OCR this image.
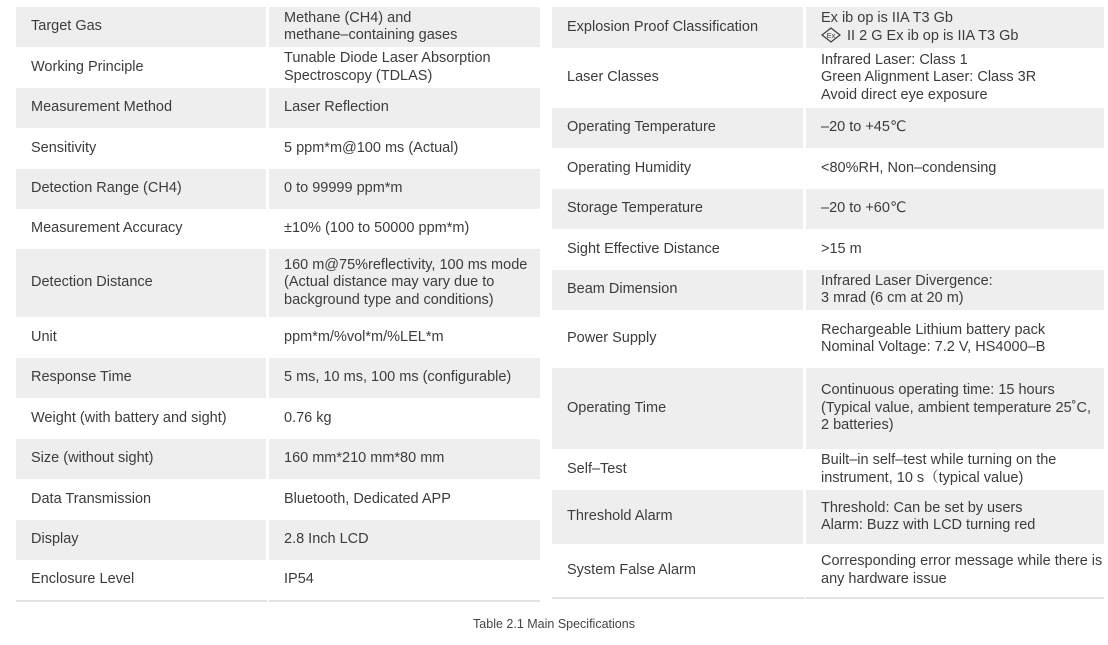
Target Gas	Methane (CH4) and
methane–containing gases
Working Principle	Tunable Diode Laser Absorption
Spectroscopy (TDLAS)
Measurement Method	Laser Reflection
Sensitivity	5 ppm*m@100 ms (Actual)
Detection Range (CH4)	0 to 99999 ppm*m
Measurement Accuracy	±10% (100 to 50000 ppm*m)
Detection Distance	160 m@75%reflectivity, 100 ms mode
(Actual distance may vary due to
background type and conditions)
Unit	ppm*m/%vol*m/%LEL*m
Response Time	5 ms, 10 ms, 100 ms (configurable)
Weight (with battery and sight)	0.76 kg
Size (without sight)	160 mm*210 mm*80 mm
Data Transmission	Bluetooth, Dedicated APP
Display	2.8 Inch LCD
Enclosure Level	IP54
Explosion Proof Classification	Ex ib op is IIA T3 Gb
Ex II 2 G Ex ib op is IIA T3 Gb

Laser Classes	Infrared Laser: Class 1
Green Alignment Laser: Class 3R
Avoid direct eye exposure
Operating Temperature	–20 to +45℃
Operating Humidity	<80%RH, Non–condensing
Storage Temperature	–20 to +60℃
Sight Effective Distance	>15 m
Beam Dimension	Infrared Laser Divergence:
3 mrad (6 cm at 20 m)
Power Supply	Rechargeable Lithium battery pack
Nominal Voltage: 7.2 V, HS4000–B
Operating Time	Continuous operating time: 15 hours
(Typical value, ambient temperature 25˚C,
2 batteries)
Self–Test	Built–in self–test while turning on the
instrument, 10 s（typical value)
Threshold Alarm	Threshold: Can be set by users
Alarm: Buzz with LCD turning red
System False Alarm	Corresponding error message while there is
any hardware issue
Table 2.1 Main Specifications
